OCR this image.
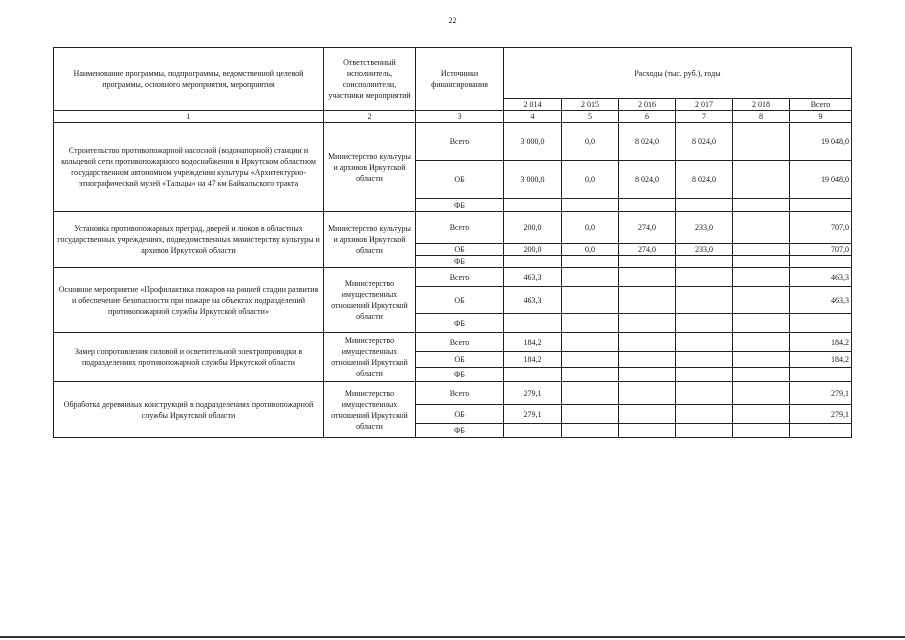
22
Наименование программы, подпрограммы, ведомственной целевой программы, основного мероприятия, мероприятия	Ответственный исполнитель, соисполнители, участники мероприятий	Источники финансирования	Расходы (тыс. руб.), годы					
			2 014	2 015	2 016	2 017	2 018	Всего
1	2	3	4	5	6	7	8	9
Строительство противопожарной насосной (водонапорной) станции и кольцевой сети противопожарного водоснабжения в Иркутском областном государственном автономном учреждении культуры «Архитектурно-этнографический музей «Тальцы» на 47 км Байкальского тракта	Министерство культуры и архивов Иркутской области	Всего	3 000,0	0,0	8 024,0	8 024,0		19 048,0
		ОБ	3 000,0	0,0	8 024,0	8 024,0		19 048,0
		ФБ						
Установка противопожарных преград, дверей и люков в областных государственных учреждениях, подведомственных министерству культуры и архивов Иркутской области	Министерство культуры и архивов Иркутской области	Всего	200,0	0,0	274,0	233,0		707,0
		ОБ	200,0	0,0	274,0	233,0		707,0
		ФБ						
Основное мероприятие «Профилактика пожаров на ранней стадии развития и обеспечение безопасности при пожаре на объектах подразделений противопожарной службы Иркутской области»	Министерство имущественных отношений Иркутской области	Всего	463,3					463,3
		ОБ	463,3					463,3
		ФБ						
Замер сопротивления силовой и осветительной электропроводки в подразделениях противопожарной службы Иркутской области	Министерство имущественных отношений Иркутской области	Всего	184,2					184,2
		ОБ	184,2					184,2
		ФБ						
Обработка деревянных конструкций в подразделениях противопожарной службы Иркутской области	Министерство имущественных отношений Иркутской области	Всего	279,1					279,1
		ОБ	279,1					279,1
		ФБ						
